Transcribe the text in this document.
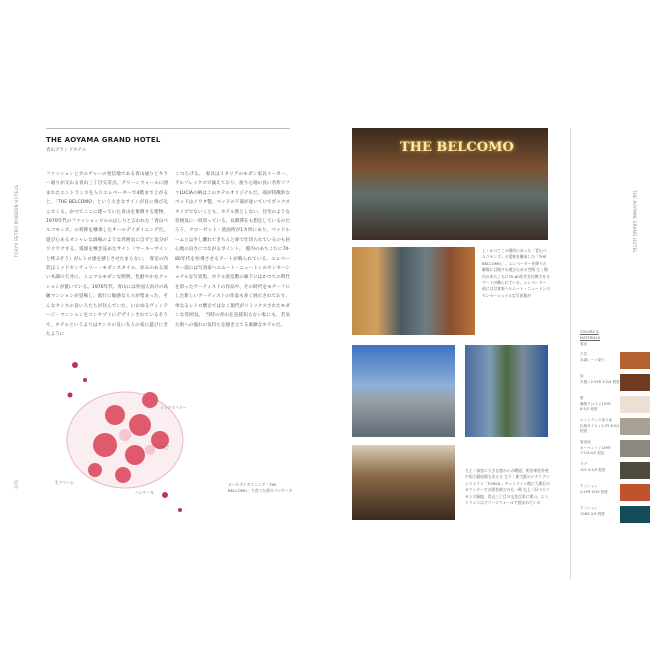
TOKYO RETRO MODERN HOTELS
070
THE AOYAMA GRAND HOTEL
青山グランドホテル

ファッションとカルチャーの発信地である青山通りとキラー通りが交わる青山三丁目交差点。グリーンウォールに囲まれたエントランスを入りエレベーターで4階まで上がると、「THE BELCOMO」という大きなサインが目に飛び込んでくる。かつてここに建っていた青山を象徴する建物、1970年代のファッションビルのはしりと言われた「青山ベルコモンズ」の愛称を継承したオールデイダイニングだ。遊び心あるオシャレな酒場のような雰囲気に自ずと気分がワクワクする。電球を敷き詰めたサイン（マーキーサインと呼ぶそう）がレトロ感を感じさせたまらない。　客室の内装はミッドセンチュリー・モダンスタイル。赤みのある深い木調の天井に、ミニマルモダンな照明、色鮮やかなクッションが置いている。1970年代、青山には外国人向けの高級マンションが登場し、流行に敏感な人々が集まった。そんなセンスの良い人たちが住んでいた、いわゆるヴィンテージ・マンションをコンセプトにデザインされているそうで、ホテルというよりはセンスの良い友人の家に遊びにきたように

くつろげる。　家具はイタリアのモダン家具メーカー、アルフレックスで揃えており、座り心地の良い名作ソファLUCIAの柄はこのホテルオリジナルだ。部が特徴的なベッドはイワタ製。ベッドの下部が並いていてボックスタイプでないことも、ホテル然としない、住宅のような雰囲気に一役買っている。長期滞在も想定しているのだろう。クローゼット・洗面所が1カ所にあり、ベッドルームとは少し離れてきちんと扉で仕切られているのも居心地の良さにつながるポイント。　館内のあちこちに70-80年代を彷彿させるアートが飾られている。エレベーター前には写真家ヘルムート・ニュートンのセンセーショナルな写真集。ホテル客室階の廊下にはかつての時代を彩ったアーティストの作品や、その時代をモチーフにした新しいアーティストの作品も多く展示されており、単なるレトロ懐古ではなく現代がリミックスされたモダンな雰囲気。　当時の青山を直接知らない私にも、若気た街への憧れの気持ちを掻き立てる素敵なホテルだ。

ミックスベリー
いちご
生クリーム
パンケーキ
オールデイダイニング「THE BELCOMO」で食べた苺のパンケーキ
THE AOYAMA GRAND HOTEL
THE BELCOMO
上｜かつてこの場所にあった「青山ベルコモンズ」の愛称を継承した「THE BELCOMO」。エレベーターを降りた瞬間に目指する遊び心ある空間 左｜館内のあちこちに70-80年代を彷彿させるアートが飾られている。エレベーター前には写真家ヘルムート・ニュートンのセンセーショナルな写真集が
左上｜客室に大きな窓からの眺望。明治神宮外苑や国立競技場も見える 左下｜新大阪のイタリアンレストラン「FOSSIL」チェックイン後に大理石のカウンターでお酒を飲むのも一興 右上｜旧ベルコモンズ跡地、青山三丁目の交差点角に建つ。エントランスはグリーンウォールで囲まれている
COLORS & MATERIALS
客室
天井
木調シート貼り
床
木製 / 2.5YR 3.5/4 程度
壁
織物クロス / 10YR 8.5/2 程度
エントランス周り床
伝統タイル / 2.5Y 6.5/1 程度
客室床
カーペット / 10YR 7.5/3-4/2 混色
ラグ
10Y 4.5/3 程度
クッション
2.5YR 5/10 程度
クッション
10BG 2/5 程度
